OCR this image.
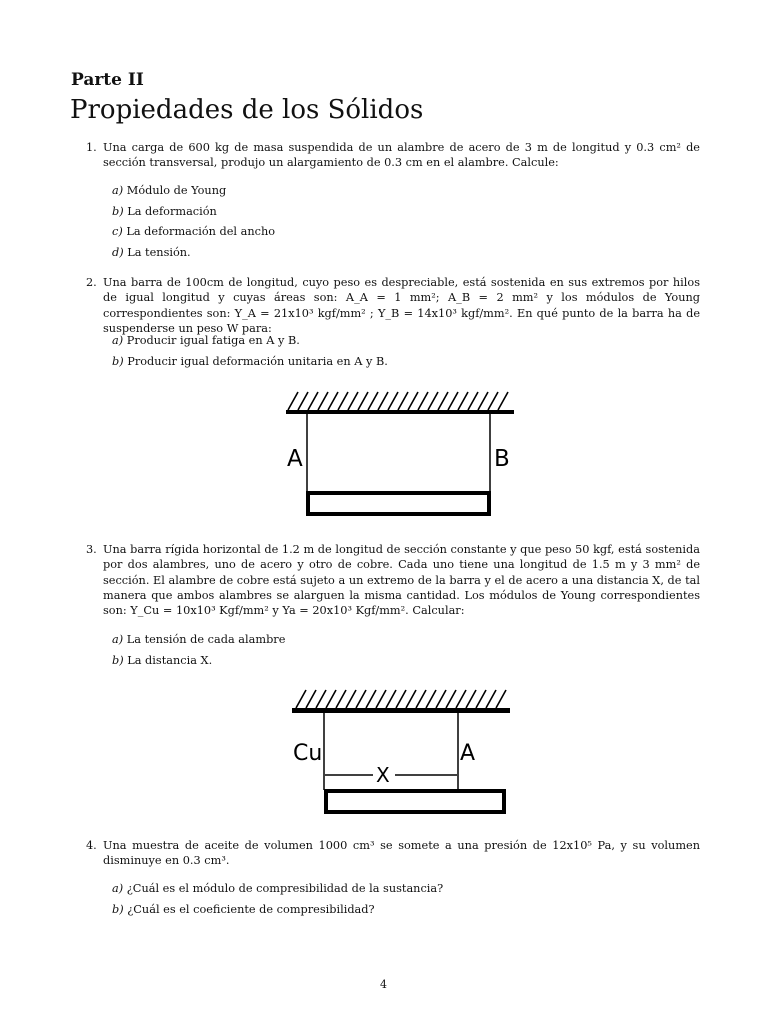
Parte II
Propiedades de los Sólidos
1. Una carga de 600 kg de masa suspendida de un alambre de acero de 3 m de longitud y 0.3 cm² de sección transversal, produjo un alargamiento de 0.3 cm en el alambre. Calcule:
a) Módulo de Young
b) La deformación
c) La deformación del ancho
d) La tensión.
2. Una barra de 100cm de longitud, cuyo peso es despreciable, está sostenida en sus extremos por hilos de igual longitud y cuyas áreas son: A_A = 1 mm²; A_B = 2 mm² y los módulos de Young correspondientes son: Y_A = 21x10³ kgf/mm² ; Y_B = 14x10³ kgf/mm². En qué punto de la barra ha de suspenderse un peso W para:
a) Producir igual fatiga en A y B.
b) Producir igual deformación unitaria en A y B.
A	B
3. Una barra rígida horizontal de 1.2 m de longitud de sección constante y que peso 50 kgf, está sostenida por dos alambres, uno de acero y otro de cobre. Cada uno tiene una longitud de 1.5 m y 3 mm² de sección. El alambre de cobre está sujeto a un extremo de la barra y el de acero a una distancia X, de tal manera que ambos alambres se alarguen la misma cantidad. Los módulos de Young correspondientes son: Y_Cu = 10x10³ Kgf/mm² y Ya = 20x10³ Kgf/mm². Calcular:
a) La tensión de cada alambre
b) La distancia X.
X
Cu	A
4. Una muestra de aceite de volumen 1000 cm³ se somete a una presión de 12x10⁵ Pa, y su volumen disminuye en 0.3 cm³.
a) ¿Cuál es el módulo de compresibilidad de la sustancia?
b) ¿Cuál es el coeficiente de compresibilidad?
4
